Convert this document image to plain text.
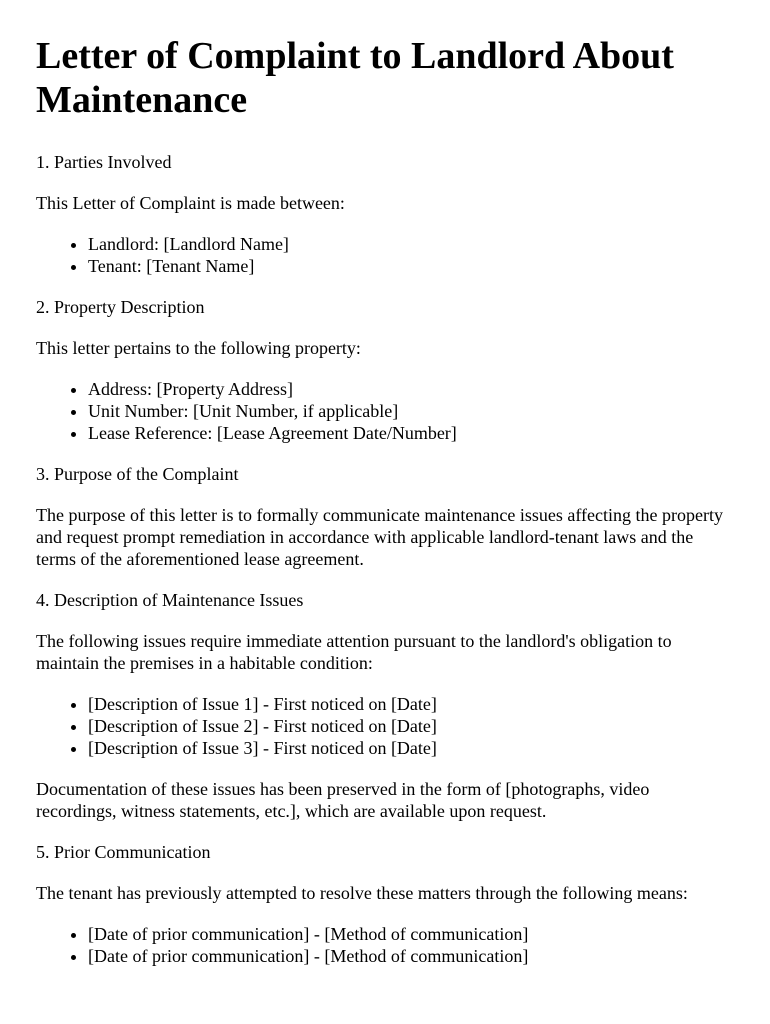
Letter of Complaint to Landlord About Maintenance

1. Parties Involved

This Letter of Complaint is made between:

• Landlord: [Landlord Name]
• Tenant: [Tenant Name]

2. Property Description

This letter pertains to the following property:

• Address: [Property Address]
• Unit Number: [Unit Number, if applicable]
• Lease Reference: [Lease Agreement Date/Number]

3. Purpose of the Complaint

The purpose of this letter is to formally communicate maintenance issues affecting the property and request prompt remediation in accordance with applicable landlord-tenant laws and the terms of the aforementioned lease agreement.

4. Description of Maintenance Issues

The following issues require immediate attention pursuant to the landlord's obligation to maintain the premises in a habitable condition:

• [Description of Issue 1] - First noticed on [Date]
• [Description of Issue 2] - First noticed on [Date]
• [Description of Issue 3] - First noticed on [Date]

Documentation of these issues has been preserved in the form of [photographs, video recordings, witness statements, etc.], which are available upon request.

5. Prior Communication

The tenant has previously attempted to resolve these matters through the following means:

• [Date of prior communication] - [Method of communication]
• [Date of prior communication] - [Method of communication]
